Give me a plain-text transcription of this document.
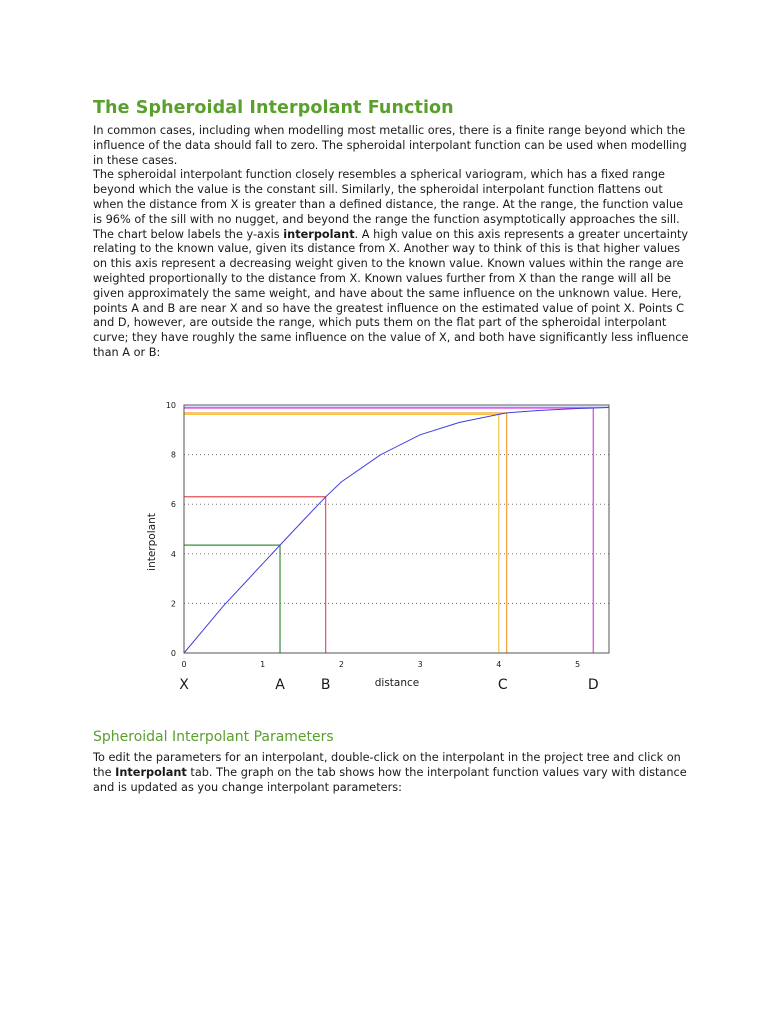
The Spheroidal Interpolant Function

In common cases, including when modelling most metallic ores, there is a finite range beyond which the influence of the data should fall to zero. The spheroidal interpolant function can be used when modelling in these cases.

The spheroidal interpolant function closely resembles a spherical variogram, which has a fixed range beyond which the value is the constant sill. Similarly, the spheroidal interpolant function flattens out when the distance from X is greater than a defined distance, the range. At the range, the function value is 96% of the sill with no nugget, and beyond the range the function asymptotically approaches the sill. The chart below labels the y-axis interpolant. A high value on this axis represents a greater uncertainty relating to the known value, given its distance from X. Another way to think of this is that higher values on this axis represent a decreasing weight given to the known value. Known values within the range are weighted proportionally to the distance from X. Known values further from X than the range will all be given approximately the same weight, and have about the same influence on the unknown value. Here, points A and B are near X and so have the greatest influence on the estimated value of point X. Points C and D, however, are outside the range, which puts them on the flat part of the spheroidal interpolant curve; they have roughly the same influence on the value of X, and both have significantly less influence than A or B:

0
2
4
6
8
10
0	1	2	3	4	5
interpolant
distance
X	A	B	C	D
Spheroidal Interpolant Parameters

To edit the parameters for an interpolant, double-click on the interpolant in the project tree and click on the Interpolant tab. The graph on the tab shows how the interpolant function values vary with distance and is updated as you change interpolant parameters:
